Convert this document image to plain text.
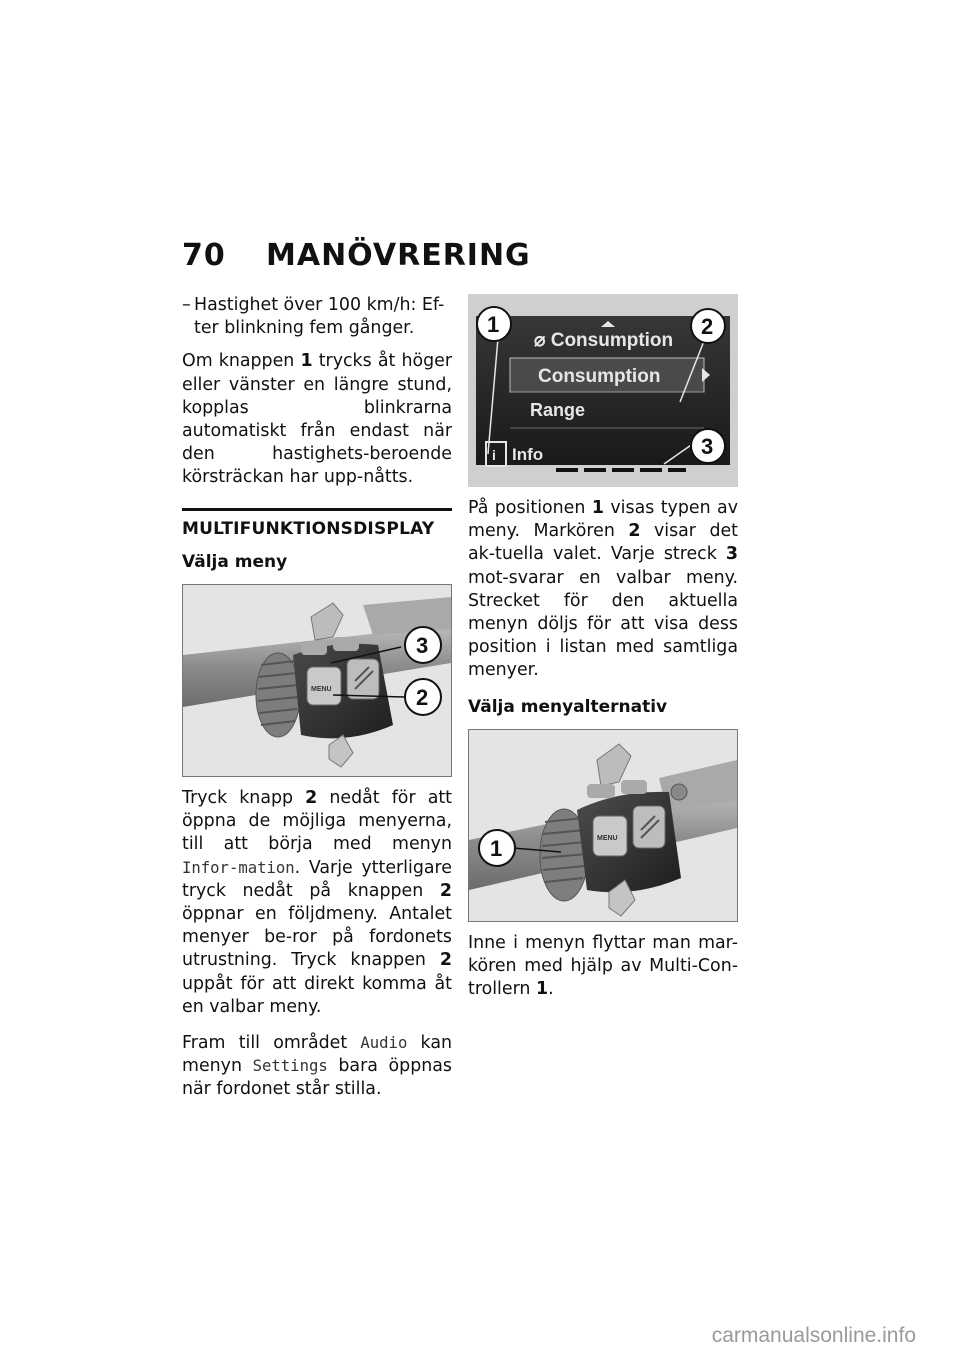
70 MANÖVRERING
– Hastighet över 100 km/h: Ef-ter blinkning fem gånger.

Om knappen 1 trycks åt höger eller vänster en längre stund, kopplas blinkrarna automatiskt från endast när den hastighets-beroende körsträckan har upp-nåtts.

MULTIFUNKTIONSDISPLAY
Välja meny
MENU
3
2

Tryck knapp 2 nedåt för att öppna de möjliga menyerna, till att börja med menyn Infor-mation. Varje ytterligare tryck nedåt på knappen 2 öppnar en följdmeny. Antalet menyer be-ror på fordonets utrustning. Tryck knappen 2 uppåt för att direkt komma åt en valbar meny.

Fram till området Audio kan menyn Settings bara öppnas när fordonet står stilla.

⌀ Consumption
Consumption
Range
i Info
1	2
3

På positionen 1 visas typen av meny. Markören 2 visar det ak-tuella valet. Varje streck 3 mot-svarar en valbar meny. Strecket för den aktuella menyn döljs för att visa dess position i listan med samtliga menyer.

Välja menyalternativ
MENU
1

Inne i menyn flyttar man mar-kören med hjälp av Multi-Con-trollern 1.

carmanualsonline.info
